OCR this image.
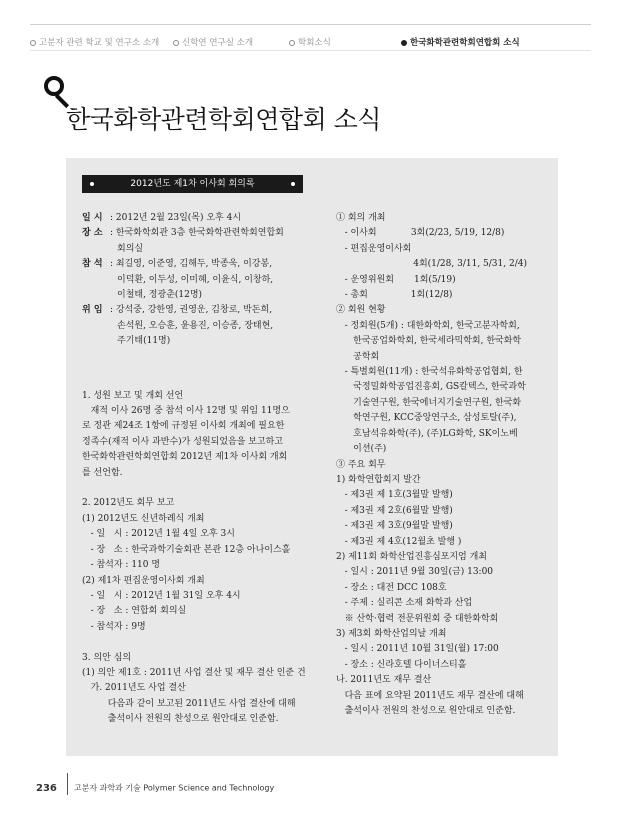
고분자 관련 학교 및 연구소 소개	신학연 연구실 소개	학회소식	한국화학관련학회연합회 소식
한국화학관련학회연합회 소식
2012년도 제1차 이사회 회의록
일 시 : 2012년 2월 23일(목) 오후 4시
장 소 : 한국화학회관 3층 한국화학관련학회연합회
회의실
참 석 : 최길영, 이준영, 김해두, 박종욱, 이강봉,
이덕환, 이두성, 이미혜, 이윤식, 이창하,
이철태, 정광춘(12명)
위 임 : 강석중, 강한영, 권영운, 김창로, 박돈희,
손석원, 오승훈, 윤용진, 이승종, 장태현,
주기태(11명)
1. 성원 보고 및 개회 선언
재적 이사 26명 중 참석 이사 12명 및 위임 11명으
로 정관 제24조 1항에 규정된 이사회 개최에 필요한
정족수(재적 이사 과반수)가 성원되었음을 보고하고
한국화학관련학회연합회 2012년 제1차 이사회 개회
를 선언함.
2. 2012년도 회무 보고
(1) 2012년도 신년하례식 개최
- 일   시 : 2012년 1월 4일 오후 3시
- 장   소 : 한국과학기술회관 본관 12층 아나이스홀
- 참석자 : 110 명
(2) 제1차 편집운영이사회 개최
- 일   시 : 2012년 1월 31일 오후 4시
- 장   소 : 연합회 회의실
- 참석자 : 9명
3. 의안 심의
(1) 의안 제1호 : 2011년 사업 결산 및 재무 결산 인준 건
가. 2011년도 사업 결산
다음과 같이 보고된 2011년도 사업 결산에 대해
출석이사 전원의 찬성으로 원안대로 인준함.
① 회의 개최
- 이사회            3회(2/23, 5/19, 12/8)
- 편집운영이사회
4회(1/28, 3/11, 5/31, 2/4)
- 운영위원회       1회(5/19)
- 총회               1회(12/8)
② 회원 현황
- 정회원(5개) : 대한화학회, 한국고분자학회,
한국공업화학회, 한국세라믹학회, 한국화학
공학회
- 특별회원(11개) : 한국석유화학공업협회, 한
국정밀화학공업진흥회, GS칼텍스, 한국과학
기술연구원, 한국에너지기술연구원, 한국화
학연구원, KCC중앙연구소, 삼성토탈(주),
호남석유화학(주), (주)LG화학, SK이노베
이션(주)
③ 주요 회무
1) 화학연합회지 발간
- 제3권 제 1호(3월말 발행)
- 제3권 제 2호(6월말 발행)
- 제3권 제 3호(9월말 발행)
- 제3권 제 4호(12월초 발행 )
2) 제11회 화학산업진흥심포지엄 개최
- 일시 : 2011년 9월 30일(금) 13:00
- 장소 : 대전 DCC 108호
- 주제 : 실리콘 소재 화학과 산업
※ 산학·협력 전문위원회 중 대한화학회
3) 제3회 화학산업의날 개최
- 일시 : 2011년 10월 31일(월) 17:00
- 장소 : 신라호텔 다이너스티홀
나. 2011년도 재무 결산
다음 표에 요약된 2011년도 재무 결산에 대해
출석이사 전원의 찬성으로 원안대로 인준함.
236 고분자 과학과 기술 Polymer Science and Technology
